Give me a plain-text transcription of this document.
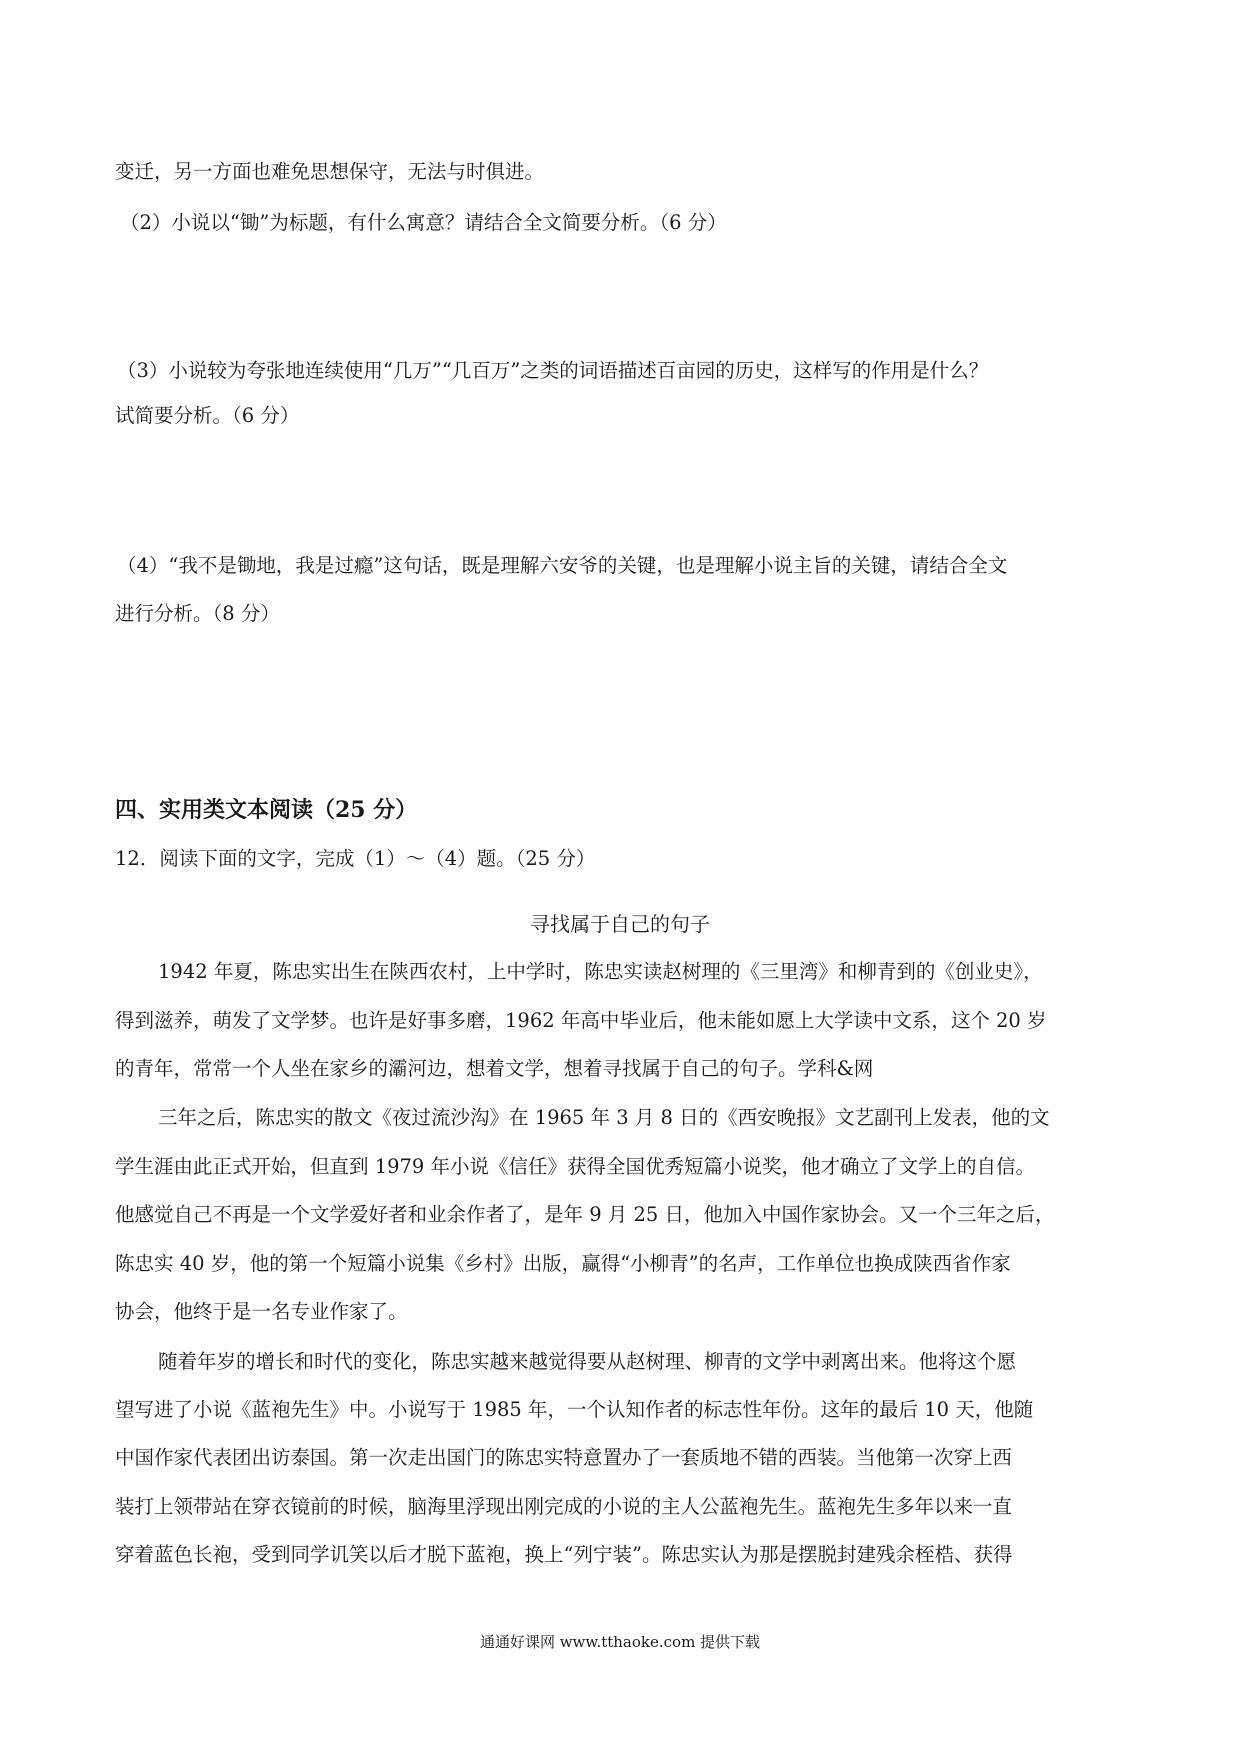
变迁，另一方面也难免思想保守，无法与时俱进。
（2）小说以“锄”为标题，有什么寓意？请结合全文简要分析。（6 分）
（3）小说较为夸张地连续使用“几万”“几百万”之类的词语描述百亩园的历史，这样写的作用是什么？
试简要分析。（6 分）
（4）“我不是锄地，我是过瘾”这句话，既是理解六安爷的关键，也是理解小说主旨的关键，请结合全文
进行分析。（8 分）
四、实用类文本阅读（25 分）
12．阅读下面的文字，完成（1）～（4）题。（25 分）
寻找属于自己的句子
1942 年夏，陈忠实出生在陕西农村，上中学时，陈忠实读赵树理的《三里湾》和柳青到的《创业史》，
得到滋养，萌发了文学梦。也许是好事多磨，1962 年高中毕业后，他未能如愿上大学读中文系，这个 20 岁
的青年，常常一个人坐在家乡的灞河边，想着文学，想着寻找属于自己的句子。学科&网
三年之后，陈忠实的散文《夜过流沙沟》在 1965 年 3 月 8 日的《西安晚报》文艺副刊上发表，他的文
学生涯由此正式开始，但直到 1979 年小说《信任》获得全国优秀短篇小说奖，他才确立了文学上的自信。
他感觉自己不再是一个文学爱好者和业余作者了，是年 9 月 25 日，他加入中国作家协会。又一个三年之后，
陈忠实 40 岁，他的第一个短篇小说集《乡村》出版，赢得“小柳青”的名声，工作单位也换成陕西省作家
协会，他终于是一名专业作家了。
随着年岁的增长和时代的变化，陈忠实越来越觉得要从赵树理、柳青的文学中剥离出来。他将这个愿
望写进了小说《蓝袍先生》中。小说写于 1985 年，一个认知作者的标志性年份。这年的最后 10 天，他随
中国作家代表团出访泰国。第一次走出国门的陈忠实特意置办了一套质地不错的西装。当他第一次穿上西
装打上领带站在穿衣镜前的时候，脑海里浮现出刚完成的小说的主人公蓝袍先生。蓝袍先生多年以来一直
穿着蓝色长袍，受到同学讥笑以后才脱下蓝袍，换上“列宁装”。陈忠实认为那是摆脱封建残余桎梏、获得
通通好课网 www.tthaoke.com 提供下载
